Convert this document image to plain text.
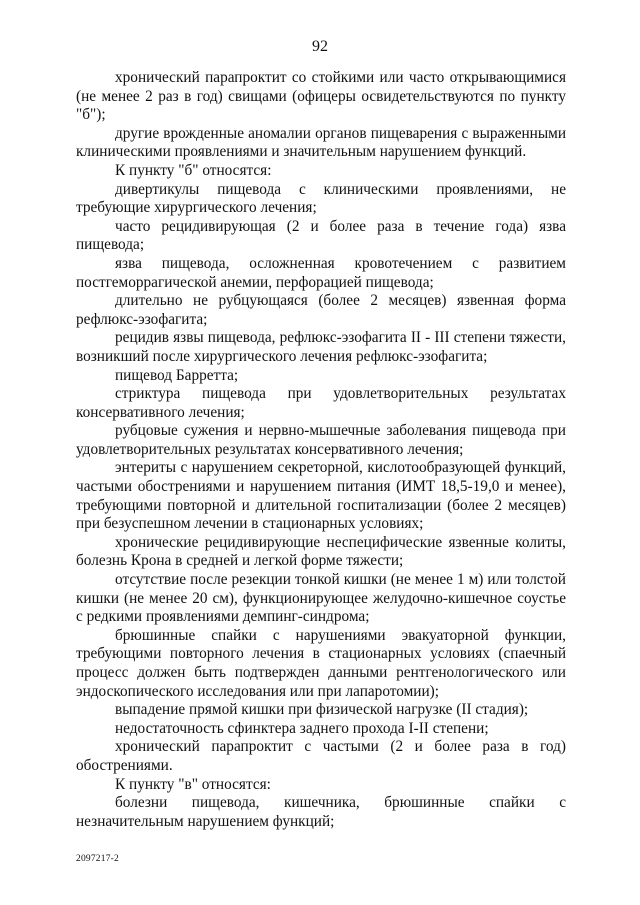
92

хронический парапроктит со стойкими или часто открывающимися (не менее 2 раз в год) свищами (офицеры освидетельствуются по пункту "б");

другие врожденные аномалии органов пищеварения с выраженными клиническими проявлениями и значительным нарушением функций.

К пункту "б" относятся:

дивертикулы пищевода с клиническими проявлениями, не требующие хирургического лечения;

часто рецидивирующая (2 и более раза в течение года) язва пищевода;

язва пищевода, осложненная кровотечением с развитием постгеморрагической анемии, перфорацией пищевода;

длительно не рубцующаяся (более 2 месяцев) язвенная форма рефлюкс-эзофагита;

рецидив язвы пищевода, рефлюкс-эзофагита II - III степени тяжести, возникший после хирургического лечения рефлюкс-эзофагита;

пищевод Барретта;

стриктура пищевода при удовлетворительных результатах консервативного лечения;

рубцовые сужения и нервно-мышечные заболевания пищевода при удовлетворительных результатах консервативного лечения;

энтериты с нарушением секреторной, кислотообразующей функций, частыми обострениями и нарушением питания (ИМТ 18,5-19,0 и менее), требующими повторной и длительной госпитализации (более 2 месяцев) при безуспешном лечении в стационарных условиях;

хронические рецидивирующие неспецифические язвенные колиты, болезнь Крона в средней и легкой форме тяжести;

отсутствие после резекции тонкой кишки (не менее 1 м) или толстой кишки (не менее 20 см), функционирующее желудочно-кишечное соустье с редкими проявлениями демпинг-синдрома;

брюшинные спайки с нарушениями эвакуаторной функции, требующими повторного лечения в стационарных условиях (спаечный процесс должен быть подтвержден данными рентгенологического или эндоскопического исследования или при лапаротомии);

выпадение прямой кишки при физической нагрузке (II стадия);

недостаточность сфинктера заднего прохода I-II степени;

хронический парапроктит с частыми (2 и более раза в год) обострениями.

К пункту "в" относятся:

болезни пищевода, кишечника, брюшинные спайки с незначительным нарушением функций;

2097217-2
